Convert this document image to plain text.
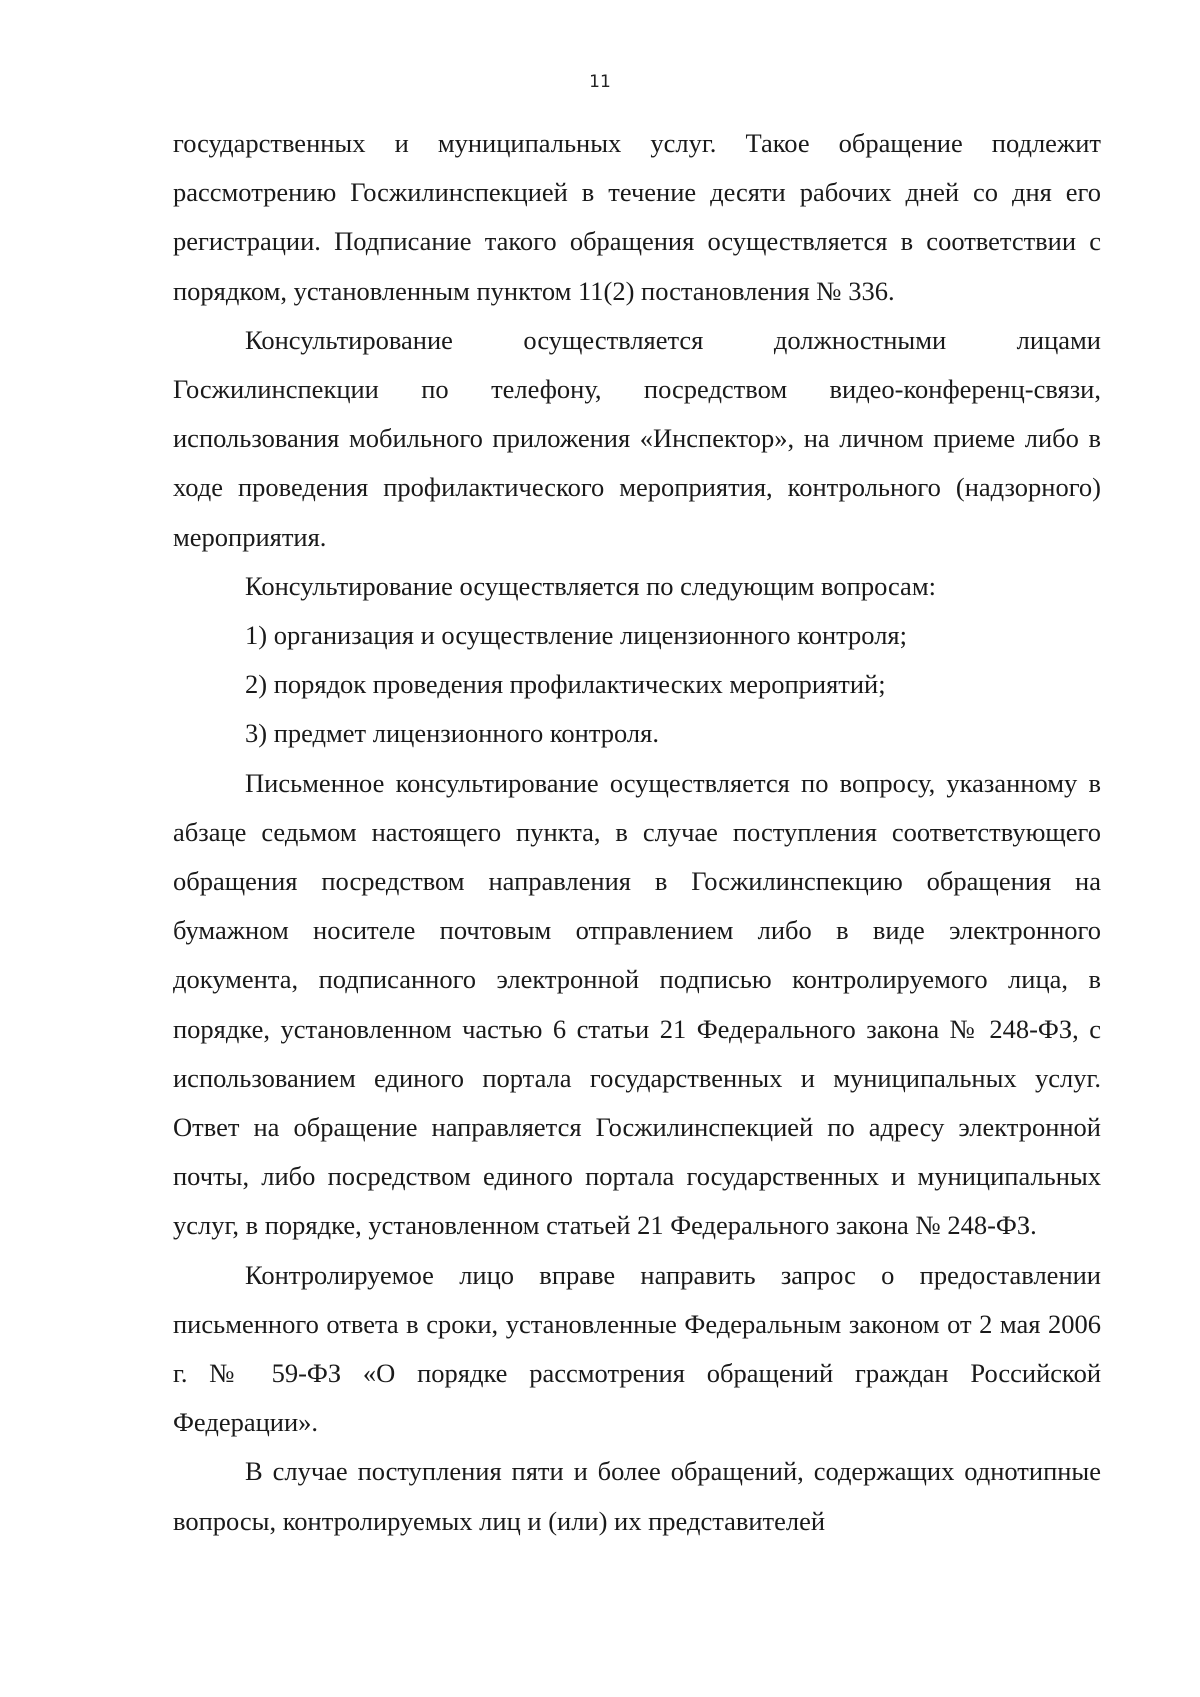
11

государственных и муниципальных услуг. Такое обращение подлежит рассмотрению Госжилинспекцией в течение десяти рабочих дней со дня его регистрации. Подписание такого обращения осуществляется в соответствии с порядком, установленным пунктом 11(2) постановления № 336.

Консультирование осуществляется должностными лицами Госжилинспекции по телефону, посредством видео-конференц-связи, использования мобильного приложения «Инспектор», на личном приеме либо в ходе проведения профилактического мероприятия, контрольного (надзорного) мероприятия.

Консультирование осуществляется по следующим вопросам:

1) организация и осуществление лицензионного контроля;

2) порядок проведения профилактических мероприятий;

3) предмет лицензионного контроля.

Письменное консультирование осуществляется по вопросу, указанному в абзаце седьмом настоящего пункта, в случае поступления соответствующего обращения посредством направления в Госжилинспекцию обращения на бумажном носителе почтовым отправлением либо в виде электронного документа, подписанного электронной подписью контролируемого лица, в порядке, установленном частью 6 статьи 21 Федерального закона № 248-ФЗ, с использованием единого портала государственных и муниципальных услуг. Ответ на обращение направляется Госжилинспекцией по адресу электронной почты, либо посредством единого портала государственных и муниципальных услуг, в порядке, установленном статьей 21 Федерального закона № 248-ФЗ.

Контролируемое лицо вправе направить запрос о предоставлении письменного ответа в сроки, установленные Федеральным законом от 2 мая 2006 г. № 59-ФЗ «О порядке рассмотрения обращений граждан Российской Федерации».

В случае поступления пяти и более обращений, содержащих однотипные вопросы, контролируемых лиц и (или) их представителей
